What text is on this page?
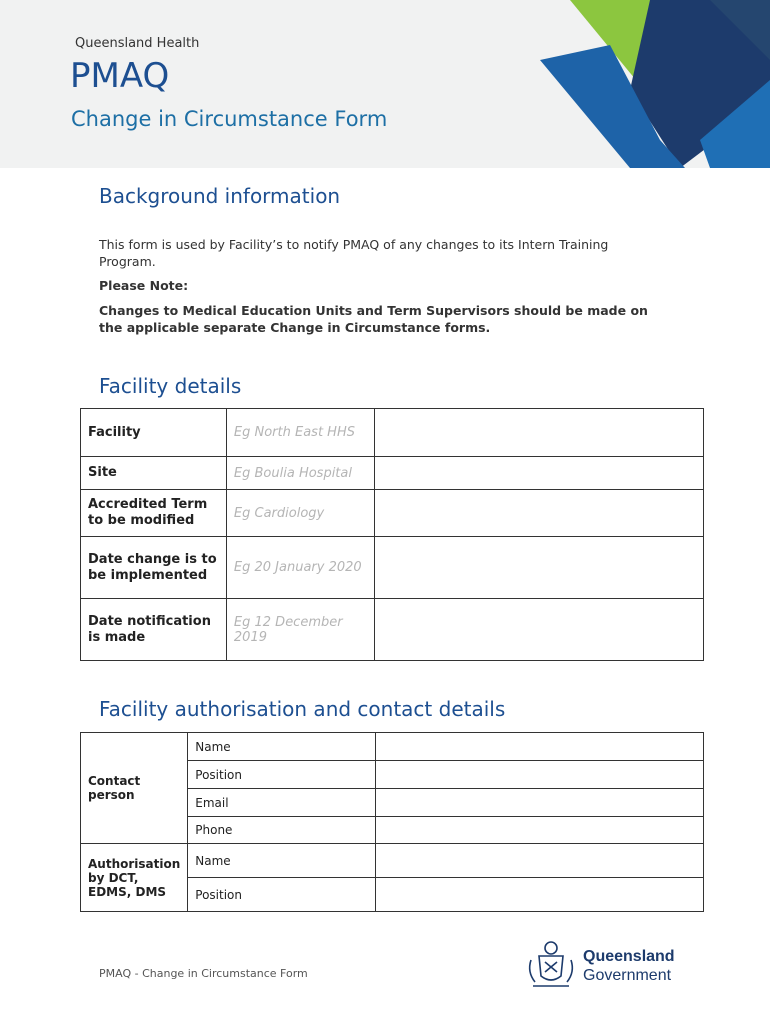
Queensland Health
PMAQ
Change in Circumstance Form
Background information

This form is used by Facility’s to notify PMAQ of any changes to its Intern Training Program.

Please Note:

Changes to Medical Education Units and Term Supervisors should be made on the applicable separate Change in Circumstance forms.

Facility details
Facility	Eg North East HHS	
Site	Eg Boulia Hospital	
Accredited Term to be modified	Eg Cardiology	
Date change is to be implemented	Eg 20 January 2020	
Date notification is made	Eg 12 December 2019	
Facility authorisation and contact details
Contact person	Name	
	Position	
	Email	
	Phone	
Authorisation by DCT, EDMS, DMS	Name	
	Position	
PMAQ - Change in Circumstance Form
Queensland
Government
